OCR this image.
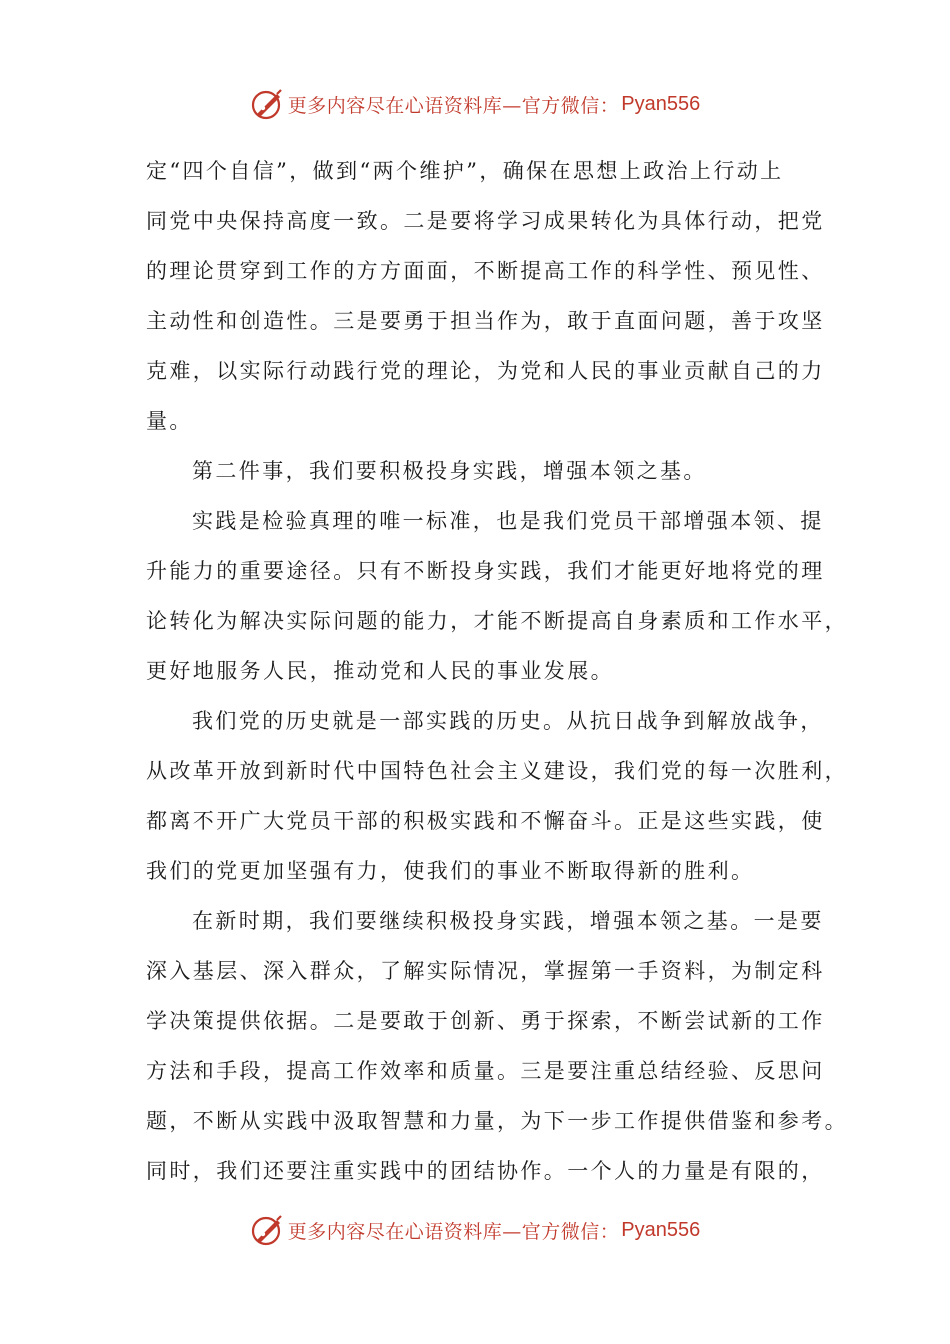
更多内容尽在心语资料库—官方微信： Pyan556
定“四个自信”，做到“两个维护”，确保在思想上政治上行动上
同党中央保持高度一致。二是要将学习成果转化为具体行动，把党
的理论贯穿到工作的方方面面，不断提高工作的科学性、预见性、
主动性和创造性。三是要勇于担当作为，敢于直面问题，善于攻坚
克难，以实际行动践行党的理论，为党和人民的事业贡献自己的力
量。
第二件事，我们要积极投身实践，增强本领之基。
实践是检验真理的唯一标准，也是我们党员干部增强本领、提
升能力的重要途径。只有不断投身实践，我们才能更好地将党的理
论转化为解决实际问题的能力，才能不断提高自身素质和工作水平，
更好地服务人民，推动党和人民的事业发展。
我们党的历史就是一部实践的历史。从抗日战争到解放战争，
从改革开放到新时代中国特色社会主义建设，我们党的每一次胜利，
都离不开广大党员干部的积极实践和不懈奋斗。正是这些实践，使
我们的党更加坚强有力，使我们的事业不断取得新的胜利。
在新时期，我们要继续积极投身实践，增强本领之基。一是要
深入基层、深入群众，了解实际情况，掌握第一手资料，为制定科
学决策提供依据。二是要敢于创新、勇于探索，不断尝试新的工作
方法和手段，提高工作效率和质量。三是要注重总结经验、反思问
题，不断从实践中汲取智慧和力量，为下一步工作提供借鉴和参考。
同时，我们还要注重实践中的团结协作。一个人的力量是有限的，
更多内容尽在心语资料库—官方微信： Pyan556
